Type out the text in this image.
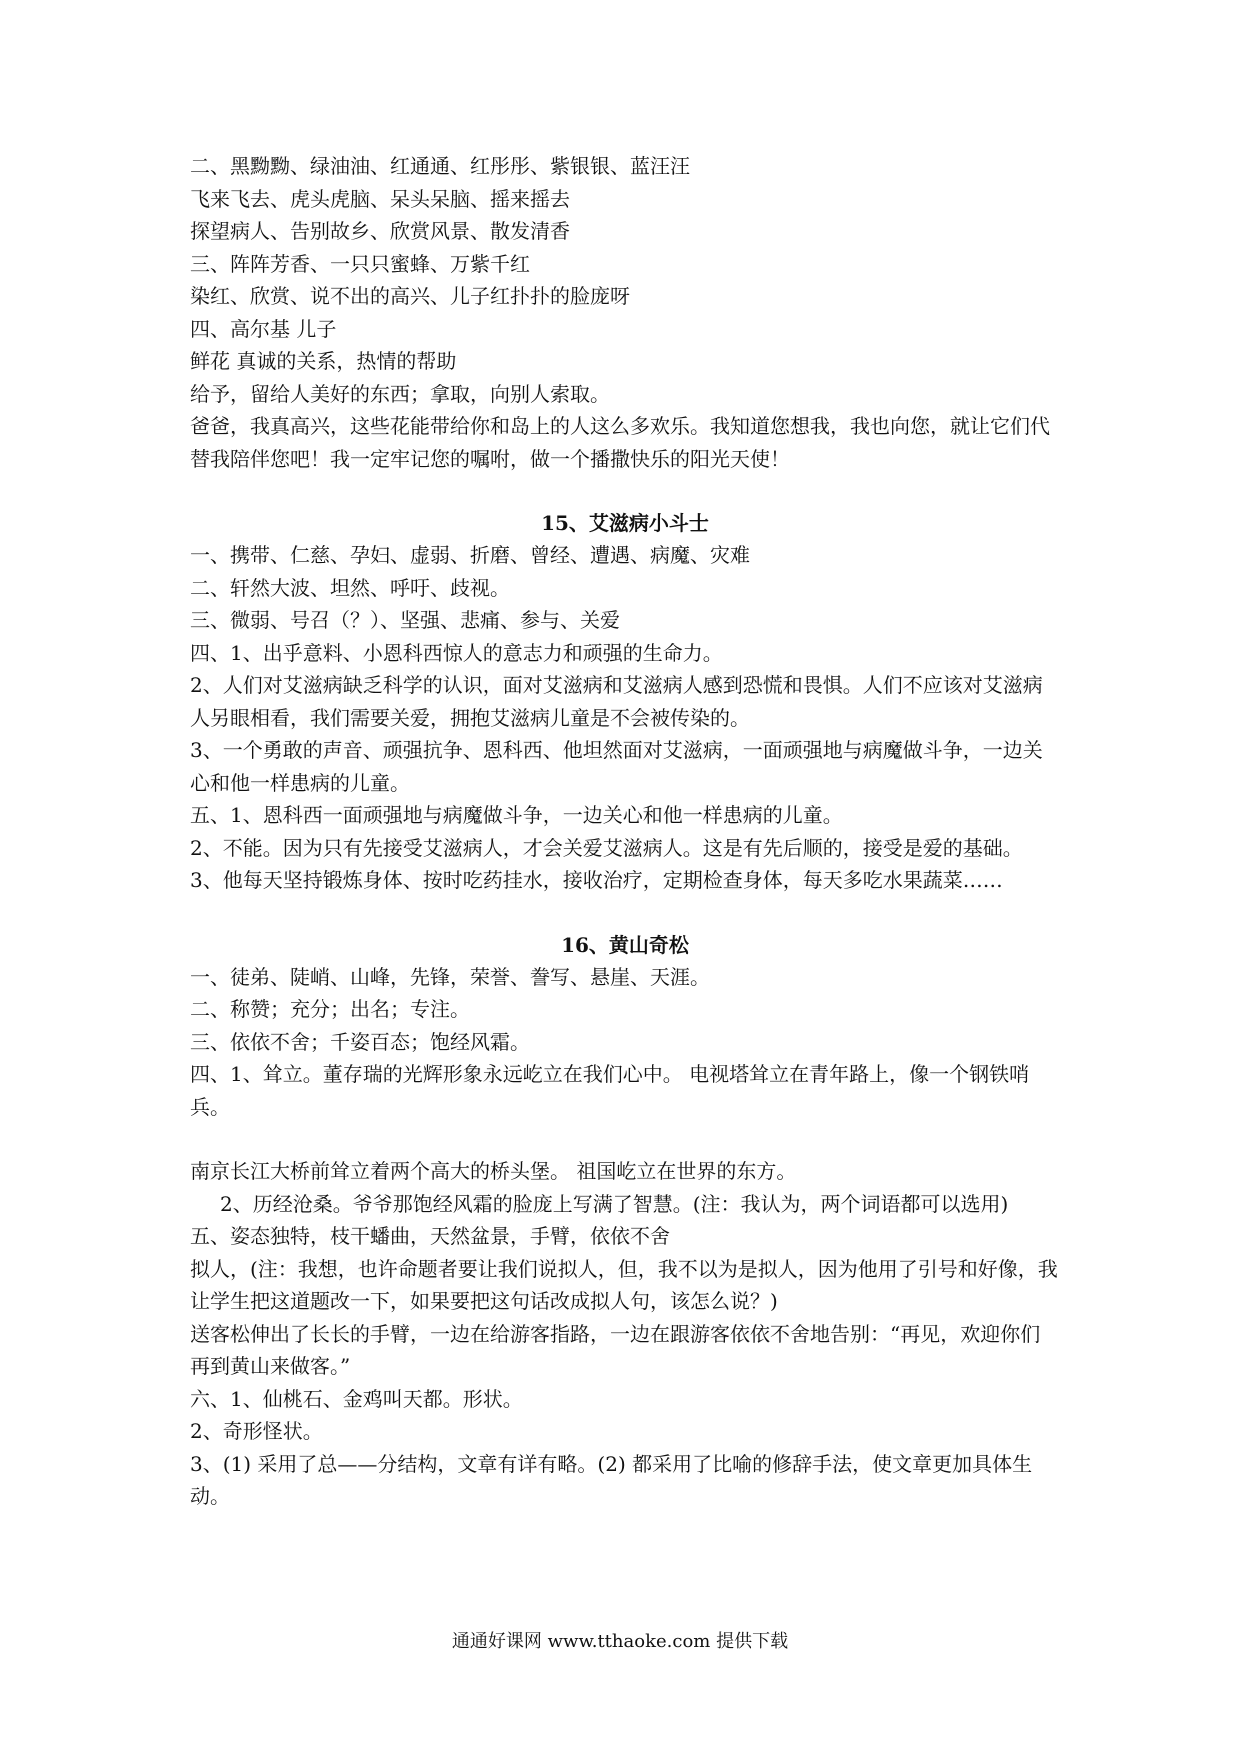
二、黑黝黝、绿油油、红通通、红彤彤、紫银银、蓝汪汪
飞来飞去、虎头虎脑、呆头呆脑、摇来摇去
探望病人、告别故乡、欣赏风景、散发清香
三、阵阵芳香、一只只蜜蜂、万紫千红
染红、欣赏、说不出的高兴、儿子红扑扑的脸庞呀
四、高尔基 儿子
鲜花 真诚的关系，热情的帮助
给予，留给人美好的东西；拿取，向别人索取。
爸爸，我真高兴，这些花能带给你和岛上的人这么多欢乐。我知道您想我，我也向您，就让它们代替我陪伴您吧！我一定牢记您的嘱咐，做一个播撒快乐的阳光天使！
15、艾滋病小斗士
一、携带、仁慈、孕妇、虚弱、折磨、曾经、遭遇、病魔、灾难
二、轩然大波、坦然、呼吁、歧视。
三、微弱、号召（？）、坚强、悲痛、参与、关爱
四、1、出乎意料、小恩科西惊人的意志力和顽强的生命力。
2、人们对艾滋病缺乏科学的认识，面对艾滋病和艾滋病人感到恐慌和畏惧。人们不应该对艾滋病人另眼相看，我们需要关爱，拥抱艾滋病儿童是不会被传染的。
3、一个勇敢的声音、顽强抗争、恩科西、他坦然面对艾滋病，一面顽强地与病魔做斗争，一边关心和他一样患病的儿童。
五、1、恩科西一面顽强地与病魔做斗争，一边关心和他一样患病的儿童。
2、不能。因为只有先接受艾滋病人，才会关爱艾滋病人。这是有先后顺的，接受是爱的基础。
3、他每天坚持锻炼身体、按时吃药挂水，接收治疗，定期检查身体，每天多吃水果蔬菜……
16、黄山奇松
一、徒弟、陡峭、山峰，先锋，荣誉、誊写、悬崖、天涯。
二、称赞；充分；出名；专注。
三、依依不舍；千姿百态；饱经风霜。
四、1、耸立。董存瑞的光辉形象永远屹立在我们心中。 电视塔耸立在青年路上，像一个钢铁哨兵。
南京长江大桥前耸立着两个高大的桥头堡。 祖国屹立在世界的东方。
2、历经沧桑。爷爷那饱经风霜的脸庞上写满了智慧。(注：我认为，两个词语都可以选用)
五、姿态独特，枝干蟠曲，天然盆景，手臂，依依不舍
拟人，(注：我想，也许命题者要让我们说拟人，但，我不以为是拟人，因为他用了引号和好像，我让学生把这道题改一下，如果要把这句话改成拟人句，该怎么说？)
送客松伸出了长长的手臂，一边在给游客指路，一边在跟游客依依不舍地告别：“再见，欢迎你们再到黄山来做客。”
六、1、仙桃石、金鸡叫天都。形状。
2、奇形怪状。
3、(1) 采用了总——分结构，文章有详有略。(2) 都采用了比喻的修辞手法，使文章更加具体生动。
通通好课网 www.tthaoke.com 提供下载
